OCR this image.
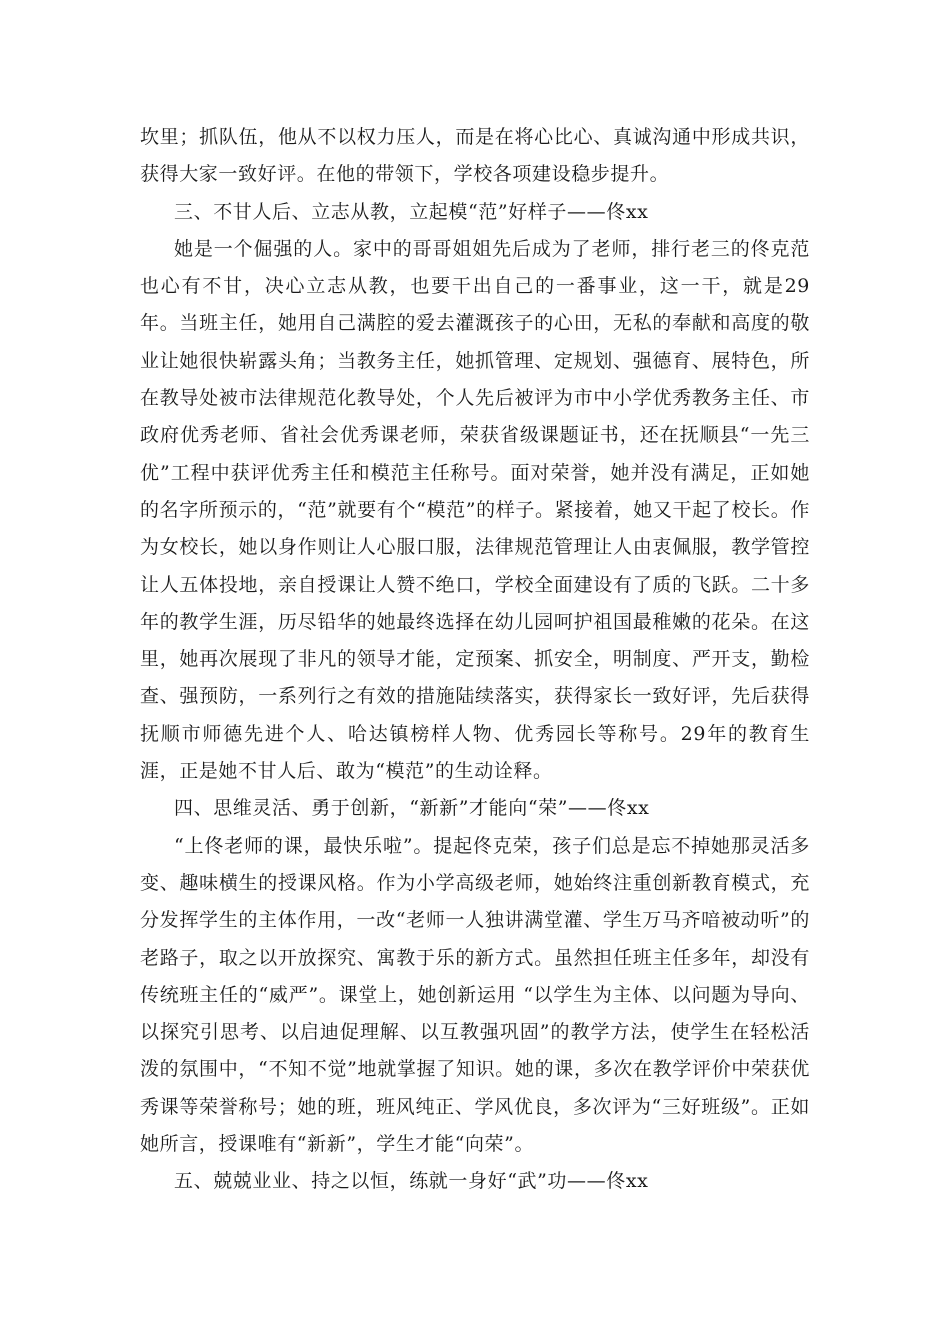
坎里；抓队伍，他从不以权力压人，而是在将心比心、真诚沟通中形成共识，获得大家一致好评。在他的带领下，学校各项建设稳步提升。

三、不甘人后、立志从教，立起模“范”好样子——佟xx

她是一个倔强的人。家中的哥哥姐姐先后成为了老师，排行老三的佟克范也心有不甘，决心立志从教，也要干出自己的一番事业，这一干，就是29年。当班主任，她用自己满腔的爱去灌溉孩子的心田，无私的奉献和高度的敬业让她很快崭露头角；当教务主任，她抓管理、定规划、强德育、展特色，所在教导处被市法律规范化教导处，个人先后被评为市中小学优秀教务主任、市政府优秀老师、省社会优秀课老师，荣获省级课题证书，还在抚顺县“一先三优”工程中获评优秀主任和模范主任称号。面对荣誉，她并没有满足，正如她的名字所预示的，“范”就要有个“模范”的样子。紧接着，她又干起了校长。作为女校长，她以身作则让人心服口服，法律规范管理让人由衷佩服，教学管控让人五体投地，亲自授课让人赞不绝口，学校全面建设有了质的飞跃。二十多年的教学生涯，历尽铅华的她最终选择在幼儿园呵护祖国最稚嫩的花朵。在这里，她再次展现了非凡的领导才能，定预案、抓安全，明制度、严开支，勤检查、强预防，一系列行之有效的措施陆续落实，获得家长一致好评，先后获得抚顺市师德先进个人、哈达镇榜样人物、优秀园长等称号。29年的教育生涯，正是她不甘人后、敢为“模范”的生动诠释。

四、思维灵活、勇于创新，“新新”才能向“荣”——佟xx

“上佟老师的课，最快乐啦”。提起佟克荣，孩子们总是忘不掉她那灵活多变、趣味横生的授课风格。作为小学高级老师，她始终注重创新教育模式，充分发挥学生的主体作用，一改“老师一人独讲满堂灌、学生万马齐喑被动听”的老路子，取之以开放探究、寓教于乐的新方式。虽然担任班主任多年，却没有传统班主任的“威严”。课堂上，她创新运用 “以学生为主体、以问题为导向、以探究引思考、以启迪促理解、以互教强巩固”的教学方法，使学生在轻松活泼的氛围中，“不知不觉”地就掌握了知识。她的课，多次在教学评价中荣获优秀课等荣誉称号；她的班，班风纯正、学风优良，多次评为“三好班级”。正如她所言，授课唯有“新新”，学生才能“向荣”。

五、兢兢业业、持之以恒，练就一身好“武”功——佟xx
